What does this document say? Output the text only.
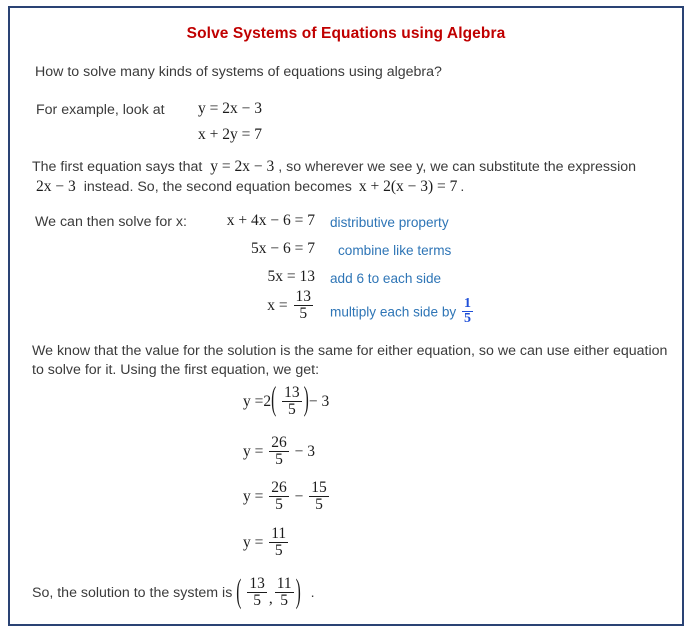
Solve Systems of Equations using Algebra
How to solve many kinds of systems of equations using algebra?
For example, look at y = 2x − 3
x + 2y = 7
The first equation says that y = 2x − 3 , so wherever we see y, we can substitute the expression 2x − 3 instead. So, the second equation becomes x + 2(x − 3) = 7 .
We can then solve for x:	x + 4x − 6 = 7 distributive property
5x − 6 = 7 combine like terms
5x = 13 add 6 to each side
$x = \frac{13}{5}$ multiply each side by $\frac{1}{5}$
We know that the value for the solution is the same for either equation, so we can use either equation to solve for it. Using the first equation, we get:
$y =2( \frac{13}{5}$ )− 3
$y = \frac{26}{5} - 3$
$y = \frac{26}{5} - \frac{15}{5}$
$y = \frac{11}{5}$
So, the solution to the system is ( $\frac{13}{5}$ , $\frac{11}{5}$ ) .
